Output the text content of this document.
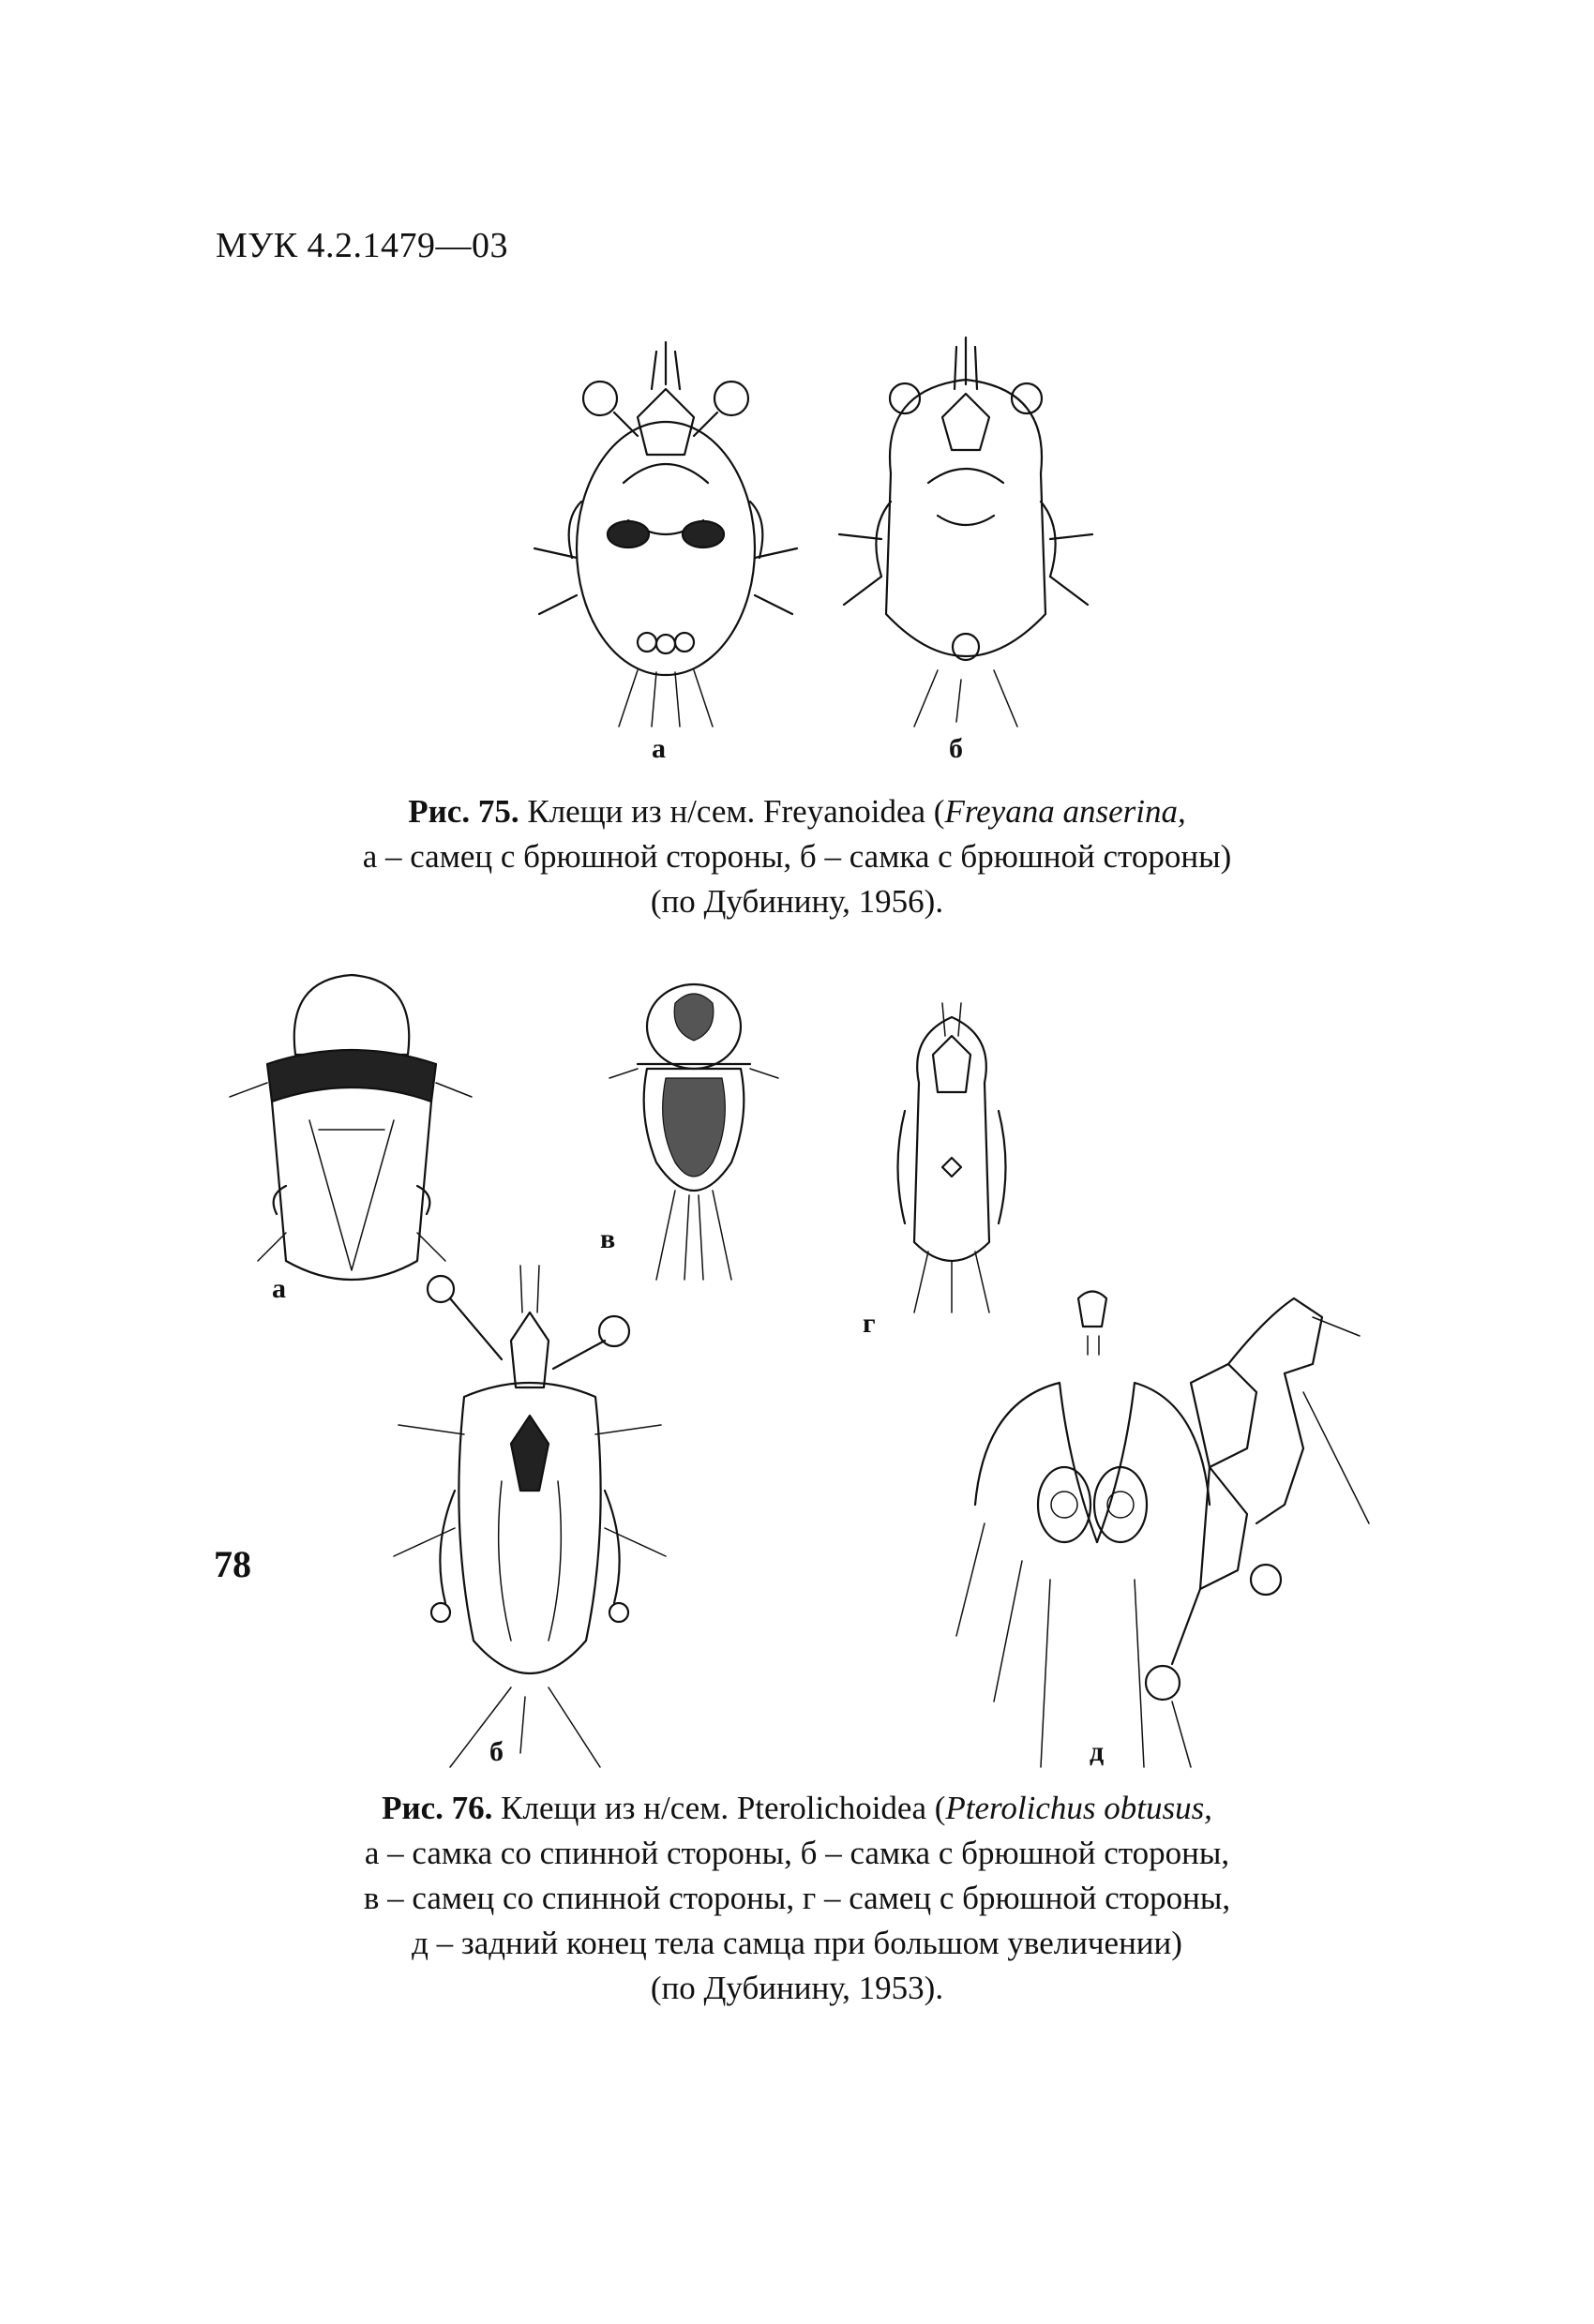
МУК 4.2.1479—03
а	б
Рис. 75. Клещи из н/сем. Freyanoidea (Freyana anserina,
а – самец с брюшной стороны, б – самка с брюшной стороны)
(по Дубинину, 1956).
а
в
г
б	д
Рис. 76. Клещи из н/сем. Pterolichoidea (Pterolichus obtusus,
а – самка со спинной стороны, б – самка с брюшной стороны,
в – самец со спинной стороны, г – самец с брюшной стороны,
д – задний конец тела самца при большом увеличении)
(по Дубинину, 1953).
78
